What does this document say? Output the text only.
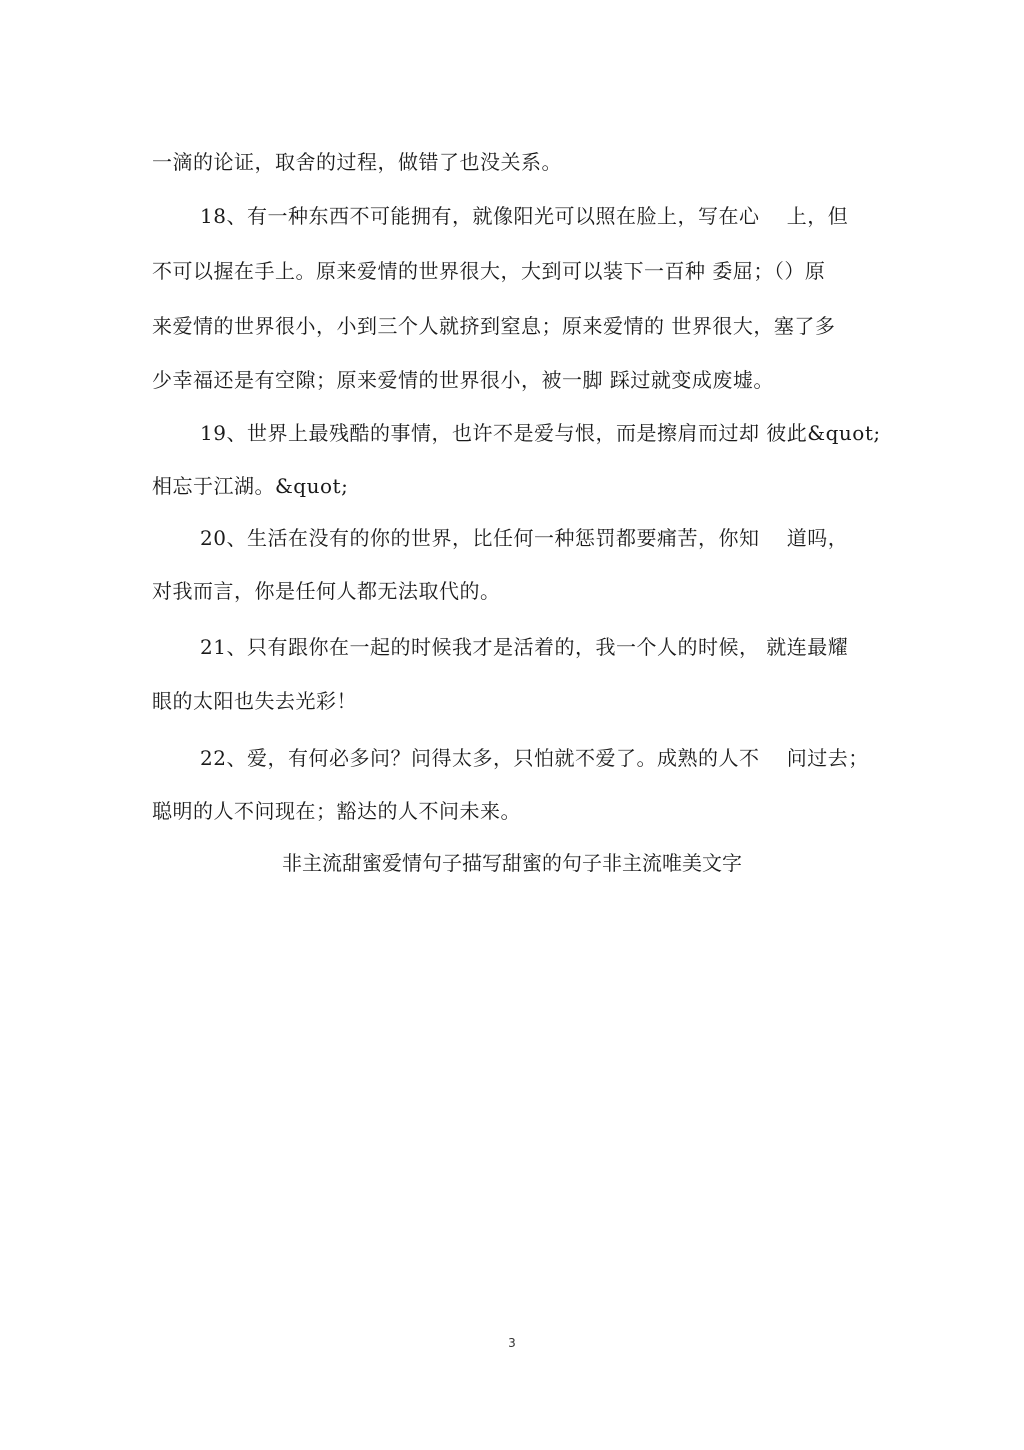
一滴的论证，取舍的过程，做错了也没关系。
18、有一种东西不可能拥有，就像阳光可以照在脸上，写在心　 上，但
不可以握在手上。原来爱情的世界很大，大到可以装下一百种 委屈；（）原
来爱情的世界很小，小到三个人就挤到窒息；原来爱情的 世界很大，塞了多
少幸福还是有空隙；原来爱情的世界很小，被一脚 踩过就变成废墟。
19、世界上最残酷的事情，也许不是爱与恨，而是擦肩而过却 彼此&quot;
相忘于江湖。&quot;
20、生活在没有的你的世界，比任何一种惩罚都要痛苦，你知　 道吗，
对我而言，你是任何人都无法取代的。
21、只有跟你在一起的时候我才是活着的，我一个人的时候， 就连最耀
眼的太阳也失去光彩！
22、爱，有何必多问？问得太多，只怕就不爱了。成熟的人不　 问过去；
聪明的人不问现在；豁达的人不问未来。
非主流甜蜜爱情句子描写甜蜜的句子非主流唯美文字
3
